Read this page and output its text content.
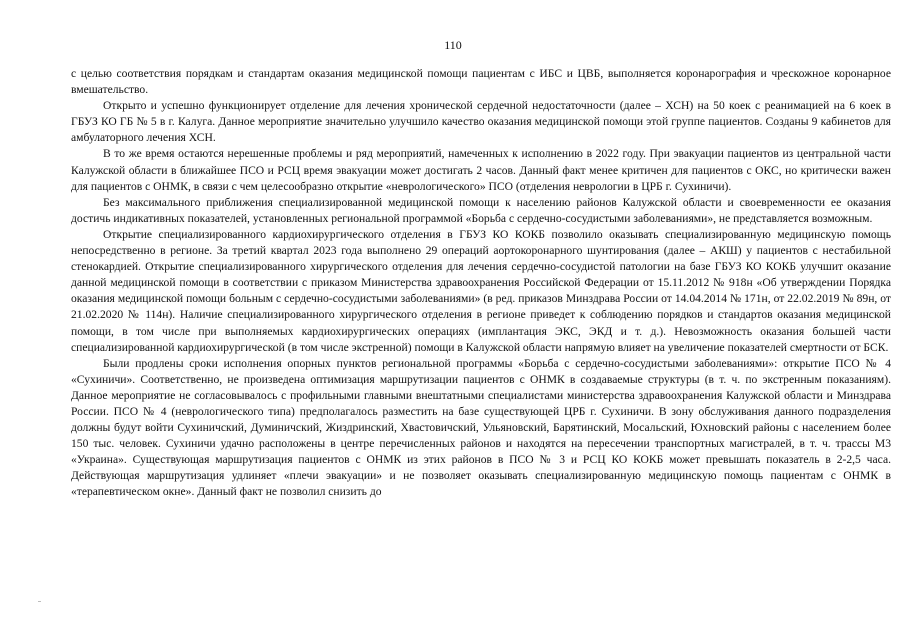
110

с целью соответствия порядкам и стандартам оказания медицинской помощи пациентам с ИБС и ЦВБ, выполняется коронарография и чрескожное коронарное вмешательство.

Открыто и успешно функционирует отделение для лечения хронической сердечной недостаточности (далее – ХСН) на 50 коек с реанимацией на 6 коек в ГБУЗ КО ГБ № 5 в г. Калуга. Данное мероприятие значительно улучшило качество оказания медицинской помощи этой группе пациентов. Созданы 9 кабинетов для амбулаторного лечения ХСН.

В то же время остаются нерешенные проблемы и ряд мероприятий, намеченных к исполнению в 2022 году. При эвакуации пациентов из центральной части Калужской области в ближайшее ПСО и РСЦ время эвакуации может достигать 2 часов. Данный факт менее критичен для пациентов с ОКС, но критически важен для пациентов с ОНМК, в связи с чем целесообразно открытие «неврологического» ПСО (отделения неврологии в ЦРБ г. Сухиничи).

Без максимального приближения специализированной медицинской помощи к населению районов Калужской области и своевременности ее оказания достичь индикативных показателей, установленных региональной программой «Борьба с сердечно-сосудистыми заболеваниями», не представляется возможным.

Открытие специализированного кардиохирургического отделения в ГБУЗ КО КОКБ позволило оказывать специализированную медицинскую помощь непосредственно в регионе. За третий квартал 2023 года выполнено 29 операций аортокоронарного шунтирования (далее – АКШ) у пациентов с нестабильной стенокардией. Открытие специализированного хирургического отделения для лечения сердечно-сосудистой патологии на базе ГБУЗ КО КОКБ улучшит оказание данной медицинской помощи в соответствии с приказом Министерства здравоохранения Российской Федерации от 15.11.2012 № 918н «Об утверждении Порядка оказания медицинской помощи больным с сердечно-сосудистыми заболеваниями» (в ред. приказов Минздрава России от 14.04.2014 № 171н, от 22.02.2019 № 89н, от 21.02.2020 № 114н). Наличие специализированного хирургического отделения в регионе приведет к соблюдению порядков и стандартов оказания медицинской помощи, в том числе при выполняемых кардиохирургических операциях (имплантация ЭКС, ЭКД и т. д.). Невозможность оказания большей части специализированной кардиохирургической (в том числе экстренной) помощи в Калужской области напрямую влияет на увеличение показателей смертности от БСК.

Были продлены сроки исполнения опорных пунктов региональной программы «Борьба с сердечно-сосудистыми заболеваниями»: открытие ПСО № 4 «Сухиничи». Соответственно, не произведена оптимизация маршрутизации пациентов с ОНМК в создаваемые структуры (в т. ч. по экстренным показаниям). Данное мероприятие не согласовывалось с профильными главными внештатными специалистами министерства здравоохранения Калужской области и Минздрава России. ПСО № 4 (неврологического типа) предполагалось разместить на базе существующей ЦРБ г. Сухиничи. В зону обслуживания данного подразделения должны будут войти Сухиничский, Думиничский, Жиздринский, Хвастовичский, Ульяновский, Барятинский, Мосальский, Юхновский районы с населением более 150 тыс. человек. Сухиничи удачно расположены в центре перечисленных районов и находятся на пересечении транспортных магистралей, в т. ч. трассы М3 «Украина». Существующая маршрутизация пациентов с ОНМК из этих районов в ПСО № 3 и РСЦ КО КОКБ может превышать показатель в 2-2,5 часа. Действующая маршрутизация удлиняет «плечи эвакуации» и не позволяет оказывать специализированную медицинскую помощь пациентам с ОНМК в «терапевтическом окне». Данный факт не позволил снизить до
